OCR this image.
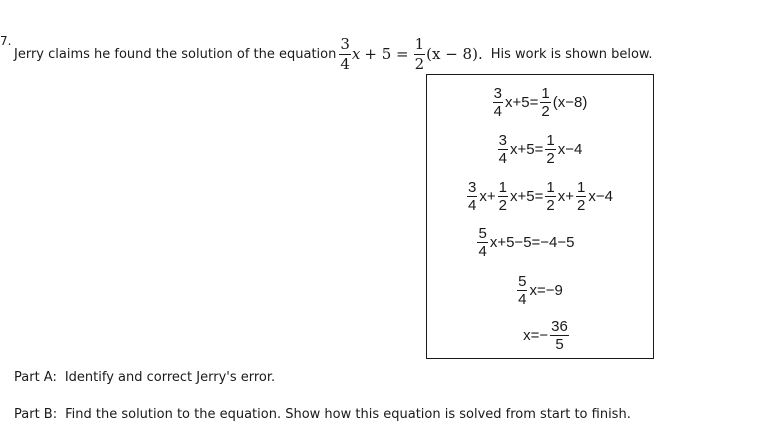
7.
Jerry claims he found the solution of the equation $\frac{3}{4}$ $x + 5 = \frac{1}{2} (x - 8)$. His work is shown below.
$\frac{3}{4} x+5= \frac{1}{2} (x-8)$
$\frac{3}{4} x+5= \frac{1}{2} x-4$
$\frac{3}{4} x+ \frac{1}{2} x+5= \frac{1}{2} x+ \frac{1}{2} x-4$
$\frac{5}{4} x+5-5=-4-5$
$\frac{5}{4} x=-9$
$x=- \frac{36}{5}$
Part A: Identify and correct Jerry's error.
Part B: Find the solution to the equation. Show how this equation is solved from start to finish.
